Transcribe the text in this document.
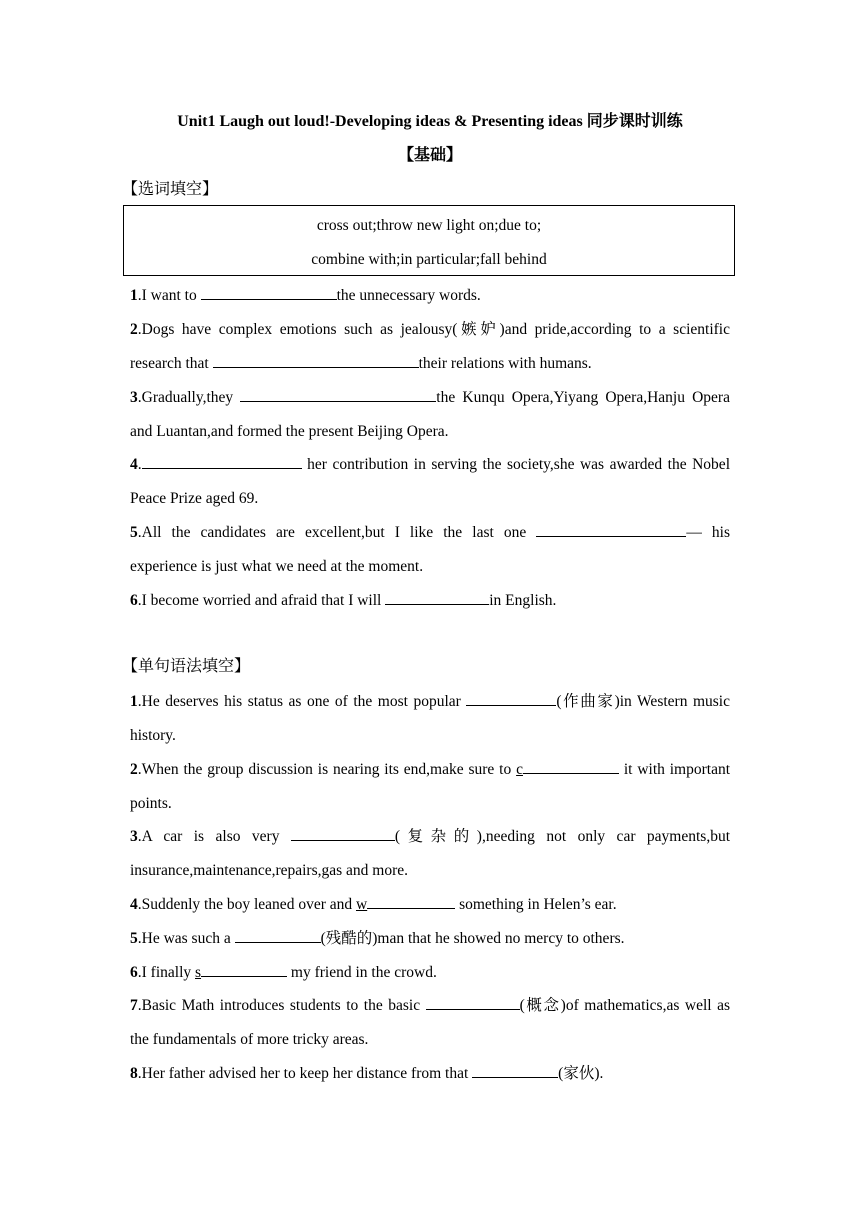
Unit1 Laugh out loud!-Developing ideas & Presenting ideas 同步课时训练
【基础】
【选词填空】
cross out;throw new light on;due to;
combine with;in particular;fall behind
1.I want to	the unnecessary words.
2.Dogs have complex emotions such as jealousy(嫉妒)and pride,according to a scientific research that	their relations with humans.
3.Gradually,they	the Kunqu Opera,Yiyang Opera,Hanju Opera and Luantan,and formed the present Beijing Opera.
4.	her contribution in serving the society,she was awarded the Nobel Peace Prize aged 69.
5.All the candidates are excellent,but I like the last one	— his experience is just what we need at the moment.
6.I become worried and afraid that I will	in English.
【单句语法填空】
1.He deserves his status as one of the most popular	(作曲家)in Western music history.
2.When the group discussion is nearing its end,make sure to c	it with important points.
3.A car is also very	(复杂的),needing not only car payments,but insurance,maintenance,repairs,gas and more.
4.Suddenly the boy leaned over and w	something in Helen’s ear.
5.He was such a	(残酷的)man that he showed no mercy to others.
6.I finally s	my friend in the crowd.
7.Basic Math introduces students to the basic	(概念)of mathematics,as well as the fundamentals of more tricky areas.
8.Her father advised her to keep her distance from that	(家伙).
